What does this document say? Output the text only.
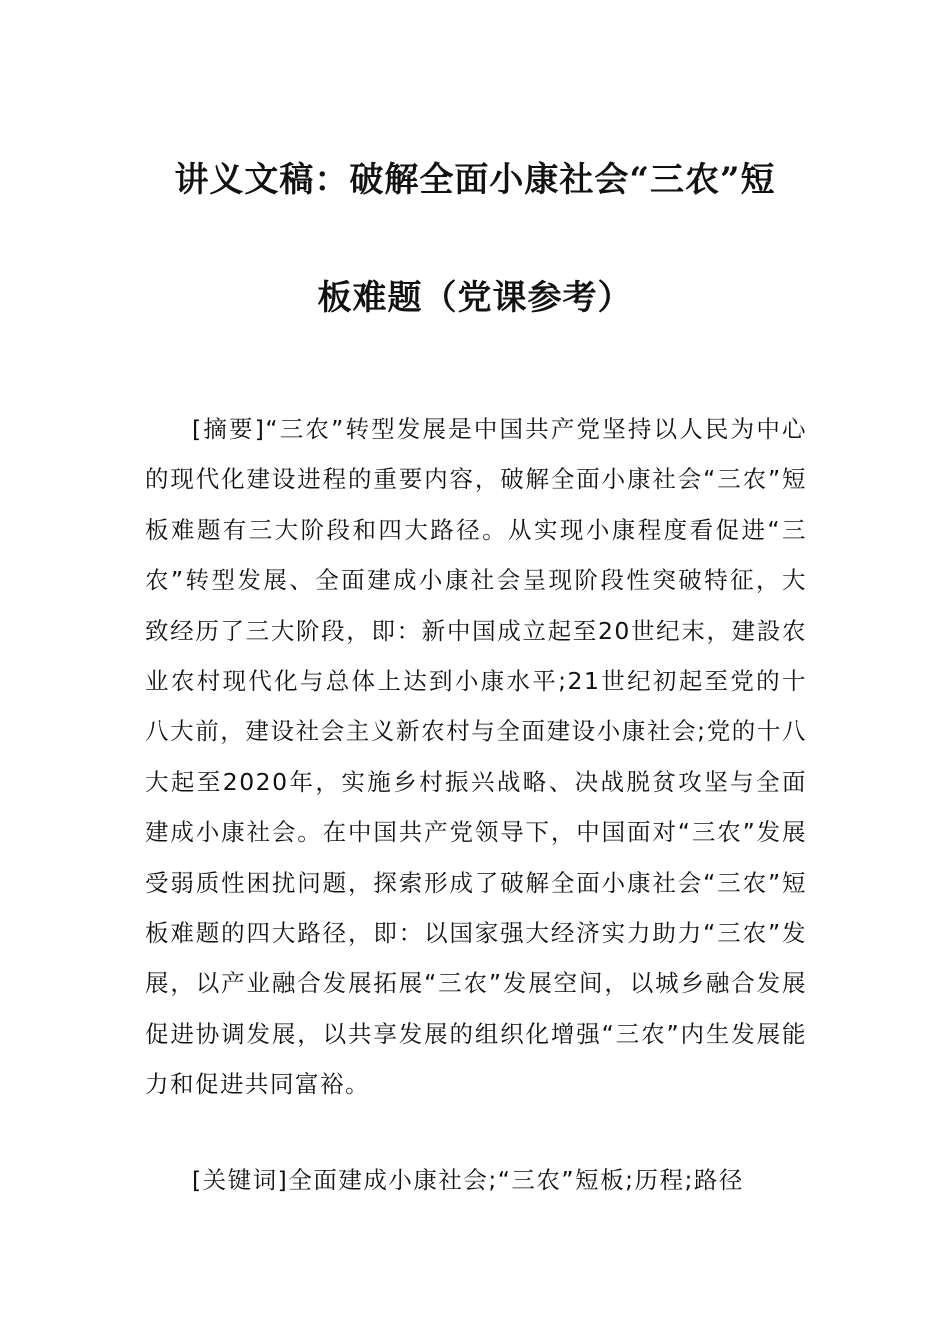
讲义文稿：破解全面小康社会“三农”短
板难题（党课参考）

[摘要]“三农”转型发展是中国共产党坚持以人民为中心的现代化建设进程的重要内容，破解全面小康社会“三农”短板难题有三大阶段和四大路径。从实现小康程度看促进“三农”转型发展、全面建成小康社会呈现阶段性突破特征，大致经历了三大阶段，即：新中国成立起至20世纪末，建設农业农村现代化与总体上达到小康水平;21世纪初起至党的十八大前，建设社会主义新农村与全面建设小康社会;党的十八大起至2020年，实施乡村振兴战略、决战脱贫攻坚与全面建成小康社会。在中国共产党领导下，中国面对“三农”发展受弱质性困扰问题，探索形成了破解全面小康社会“三农”短板难题的四大路径，即：以国家强大经济实力助力“三农”发展，以产业融合发展拓展“三农”发展空间，以城乡融合发展促进协调发展，以共享发展的组织化增强“三农”内生发展能力和促进共同富裕。

[关键词]全面建成小康社会;“三农”短板;历程;路径
